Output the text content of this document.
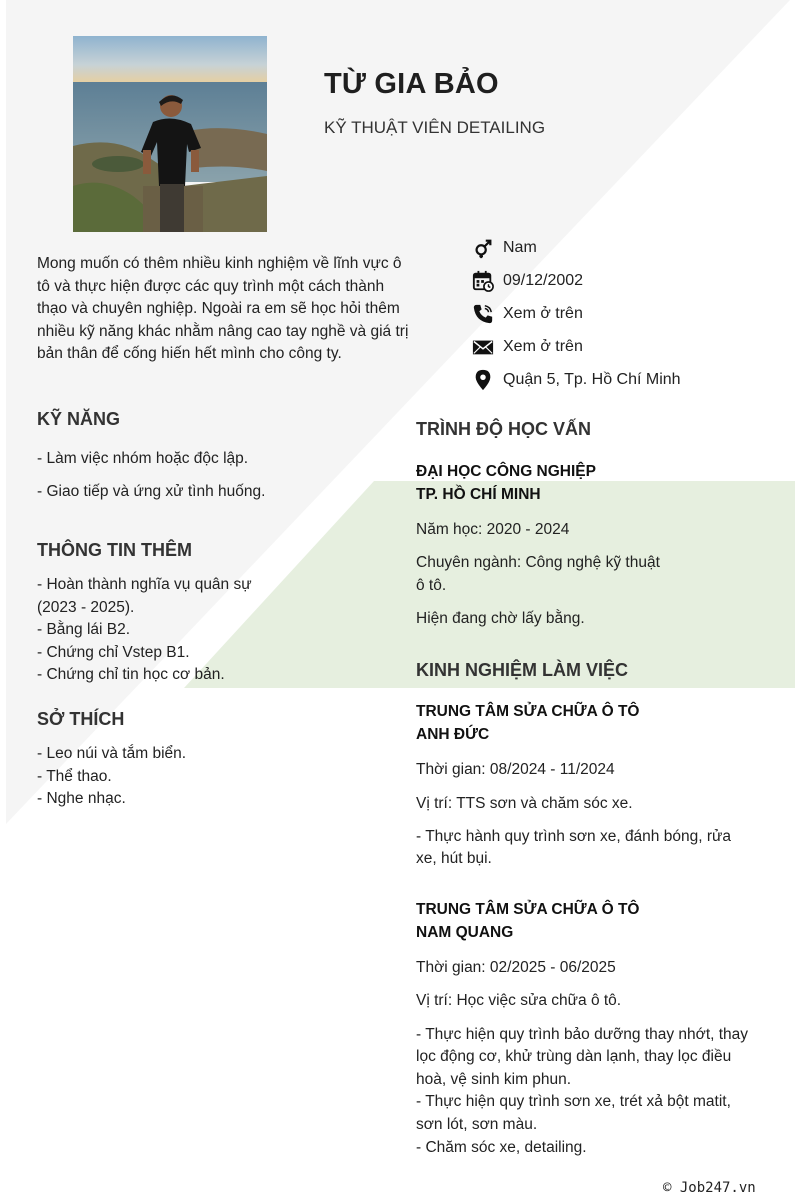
TỪ GIA BẢO
KỸ THUẬT VIÊN DETAILING
Mong muốn có thêm nhiều kinh nghiệm về lĩnh vực ô tô và thực hiện được các quy trình một cách thành thạo và chuyên nghiệp. Ngoài ra em sẽ học hỏi thêm nhiều kỹ năng khác nhằm nâng cao tay nghề và giá trị bản thân để cống hiến hết mình cho công ty.
Nam
09/12/2002
Xem ở trên
Xem ở trên
Quận 5, Tp. Hồ Chí Minh
KỸ NĂNG
- Làm việc nhóm hoặc độc lập.
- Giao tiếp và ứng xử tình huống.
THÔNG TIN THÊM
- Hoàn thành nghĩa vụ quân sự
(2023 - 2025).
- Bằng lái B2.
- Chứng chỉ Vstep B1.
- Chứng chỉ tin học cơ bản.
SỞ THÍCH
- Leo núi và tắm biển.
- Thể thao.
- Nghe nhạc.
TRÌNH ĐỘ HỌC VẤN
ĐẠI HỌC CÔNG NGHIỆP
TP. HỒ CHÍ MINH
Năm học: 2020 - 2024
Chuyên ngành: Công nghệ kỹ thuật
ô tô.
Hiện đang chờ lấy bằng.
KINH NGHIỆM LÀM VIỆC
TRUNG TÂM SỬA CHỮA Ô TÔ
ANH ĐỨC
Thời gian: 08/2024 - 11/2024
Vị trí: TTS sơn và chăm sóc xe.
- Thực hành quy trình sơn xe, đánh bóng, rửa
xe, hút bụi.
TRUNG TÂM SỬA CHỮA Ô TÔ
NAM QUANG
Thời gian: 02/2025 - 06/2025
Vị trí: Học việc sửa chữa ô tô.
- Thực hiện quy trình bảo dưỡng thay nhớt, thay
lọc động cơ, khử trùng dàn lạnh, thay lọc điều
hoà, vệ sinh kim phun.
- Thực hiện quy trình sơn xe, trét xả bột matit,
sơn lót, sơn màu.
- Chăm sóc xe, detailing.
© Job247.vn
